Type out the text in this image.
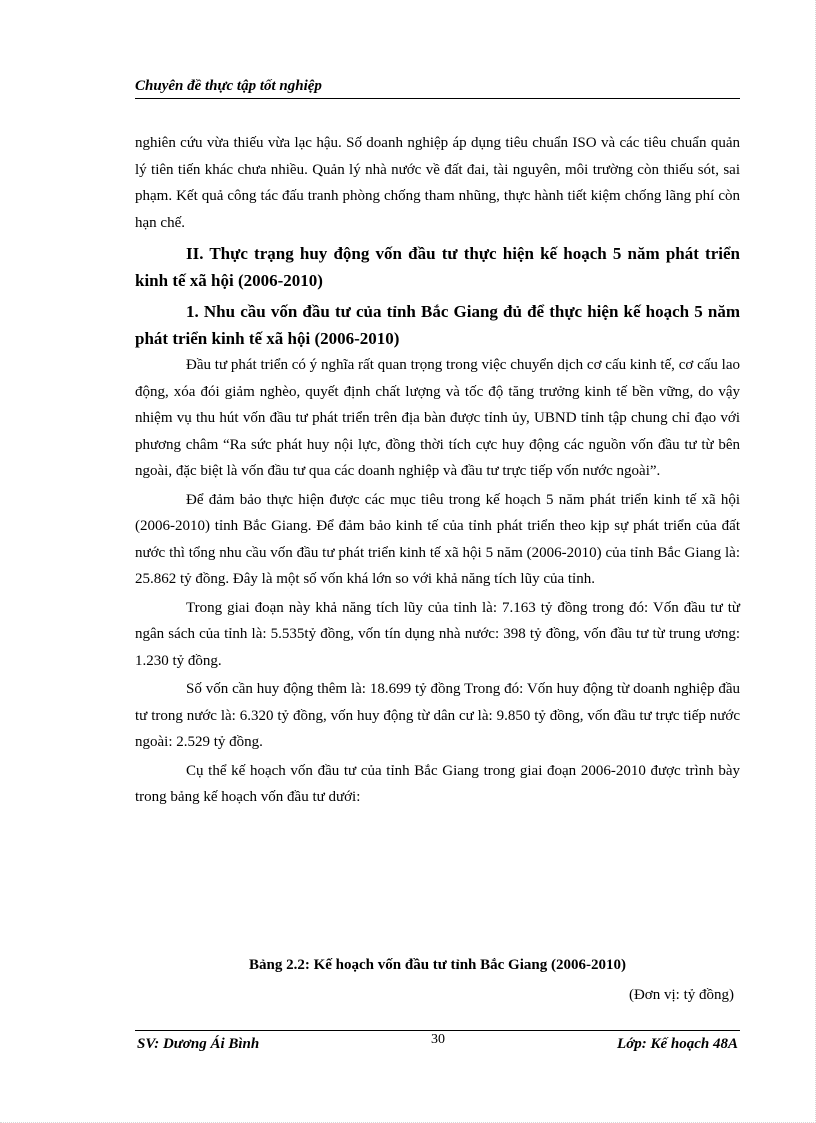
Chuyên đề thực tập tốt nghiệp

nghiên cứu vừa thiếu vừa lạc hậu. Số doanh nghiệp áp dụng tiêu chuẩn ISO và các tiêu chuẩn quản lý tiên tiến khác chưa nhiều. Quản lý nhà nước về đất đai, tài nguyên, môi trường còn thiếu sót, sai phạm. Kết quả công tác đấu tranh phòng chống tham nhũng, thực hành tiết kiệm chống lãng phí còn hạn chế.

II. Thực trạng huy động vốn đầu tư thực hiện kế hoạch 5 năm phát triển kinh tế xã hội (2006-2010)

1. Nhu cầu vốn đầu tư của tỉnh Bắc Giang đủ để thực hiện kế hoạch 5 năm phát triển kinh tế xã hội (2006-2010)

Đầu tư phát triển có ý nghĩa rất quan trọng trong việc chuyển dịch cơ cấu kinh tế, cơ cấu lao động, xóa đói giảm nghèo, quyết định chất lượng và tốc độ tăng trưởng kinh tế bền vững, do vậy nhiệm vụ thu hút vốn đầu tư phát triển trên địa bàn được tỉnh ủy, UBND tỉnh tập chung chỉ đạo với phương châm “Ra sức phát huy nội lực, đồng thời tích cực huy động các nguồn vốn đầu tư từ bên ngoài, đặc biệt là vốn đầu tư qua các doanh nghiệp và đầu tư trực tiếp vốn nước ngoài”.

Để đảm bảo thực hiện được các mục tiêu trong kế hoạch 5 năm phát triển kinh tế xã hội (2006-2010) tỉnh Bắc Giang. Để đảm bảo kinh tế của tỉnh phát triển theo kịp sự phát triển của đất nước thì tổng nhu cầu vốn đầu tư phát triển kinh tế xã hội 5 năm (2006-2010) của tỉnh Bắc Giang là: 25.862 tỷ đồng. Đây là một số vốn khá lớn so với khả năng tích lũy của tỉnh.

Trong giai đoạn này khả năng tích lũy của tỉnh là: 7.163 tỷ đồng trong đó: Vốn đầu tư từ ngân sách của tỉnh là: 5.535tỷ đồng, vốn tín dụng nhà nước: 398 tỷ đồng, vốn đầu tư từ trung ương: 1.230 tỷ đồng.

Số vốn cần huy động thêm là: 18.699 tỷ đồng Trong đó: Vốn huy động từ doanh nghiệp đầu tư trong nước là: 6.320 tỷ đồng, vốn huy động từ dân cư là: 9.850 tỷ đồng, vốn đầu tư trực tiếp nước ngoài: 2.529 tỷ đồng.

Cụ thể kế hoạch vốn đầu tư của tỉnh Bắc Giang trong giai đoạn 2006-2010 được trình bày trong bảng kế hoạch vốn đầu tư dưới:

Bảng 2.2: Kế hoạch vốn đầu tư tỉnh Bắc Giang (2006-2010)

(Đơn vị: tỷ đồng)

SV: Dương Ái Bình	30	Lớp: Kế hoạch 48A
